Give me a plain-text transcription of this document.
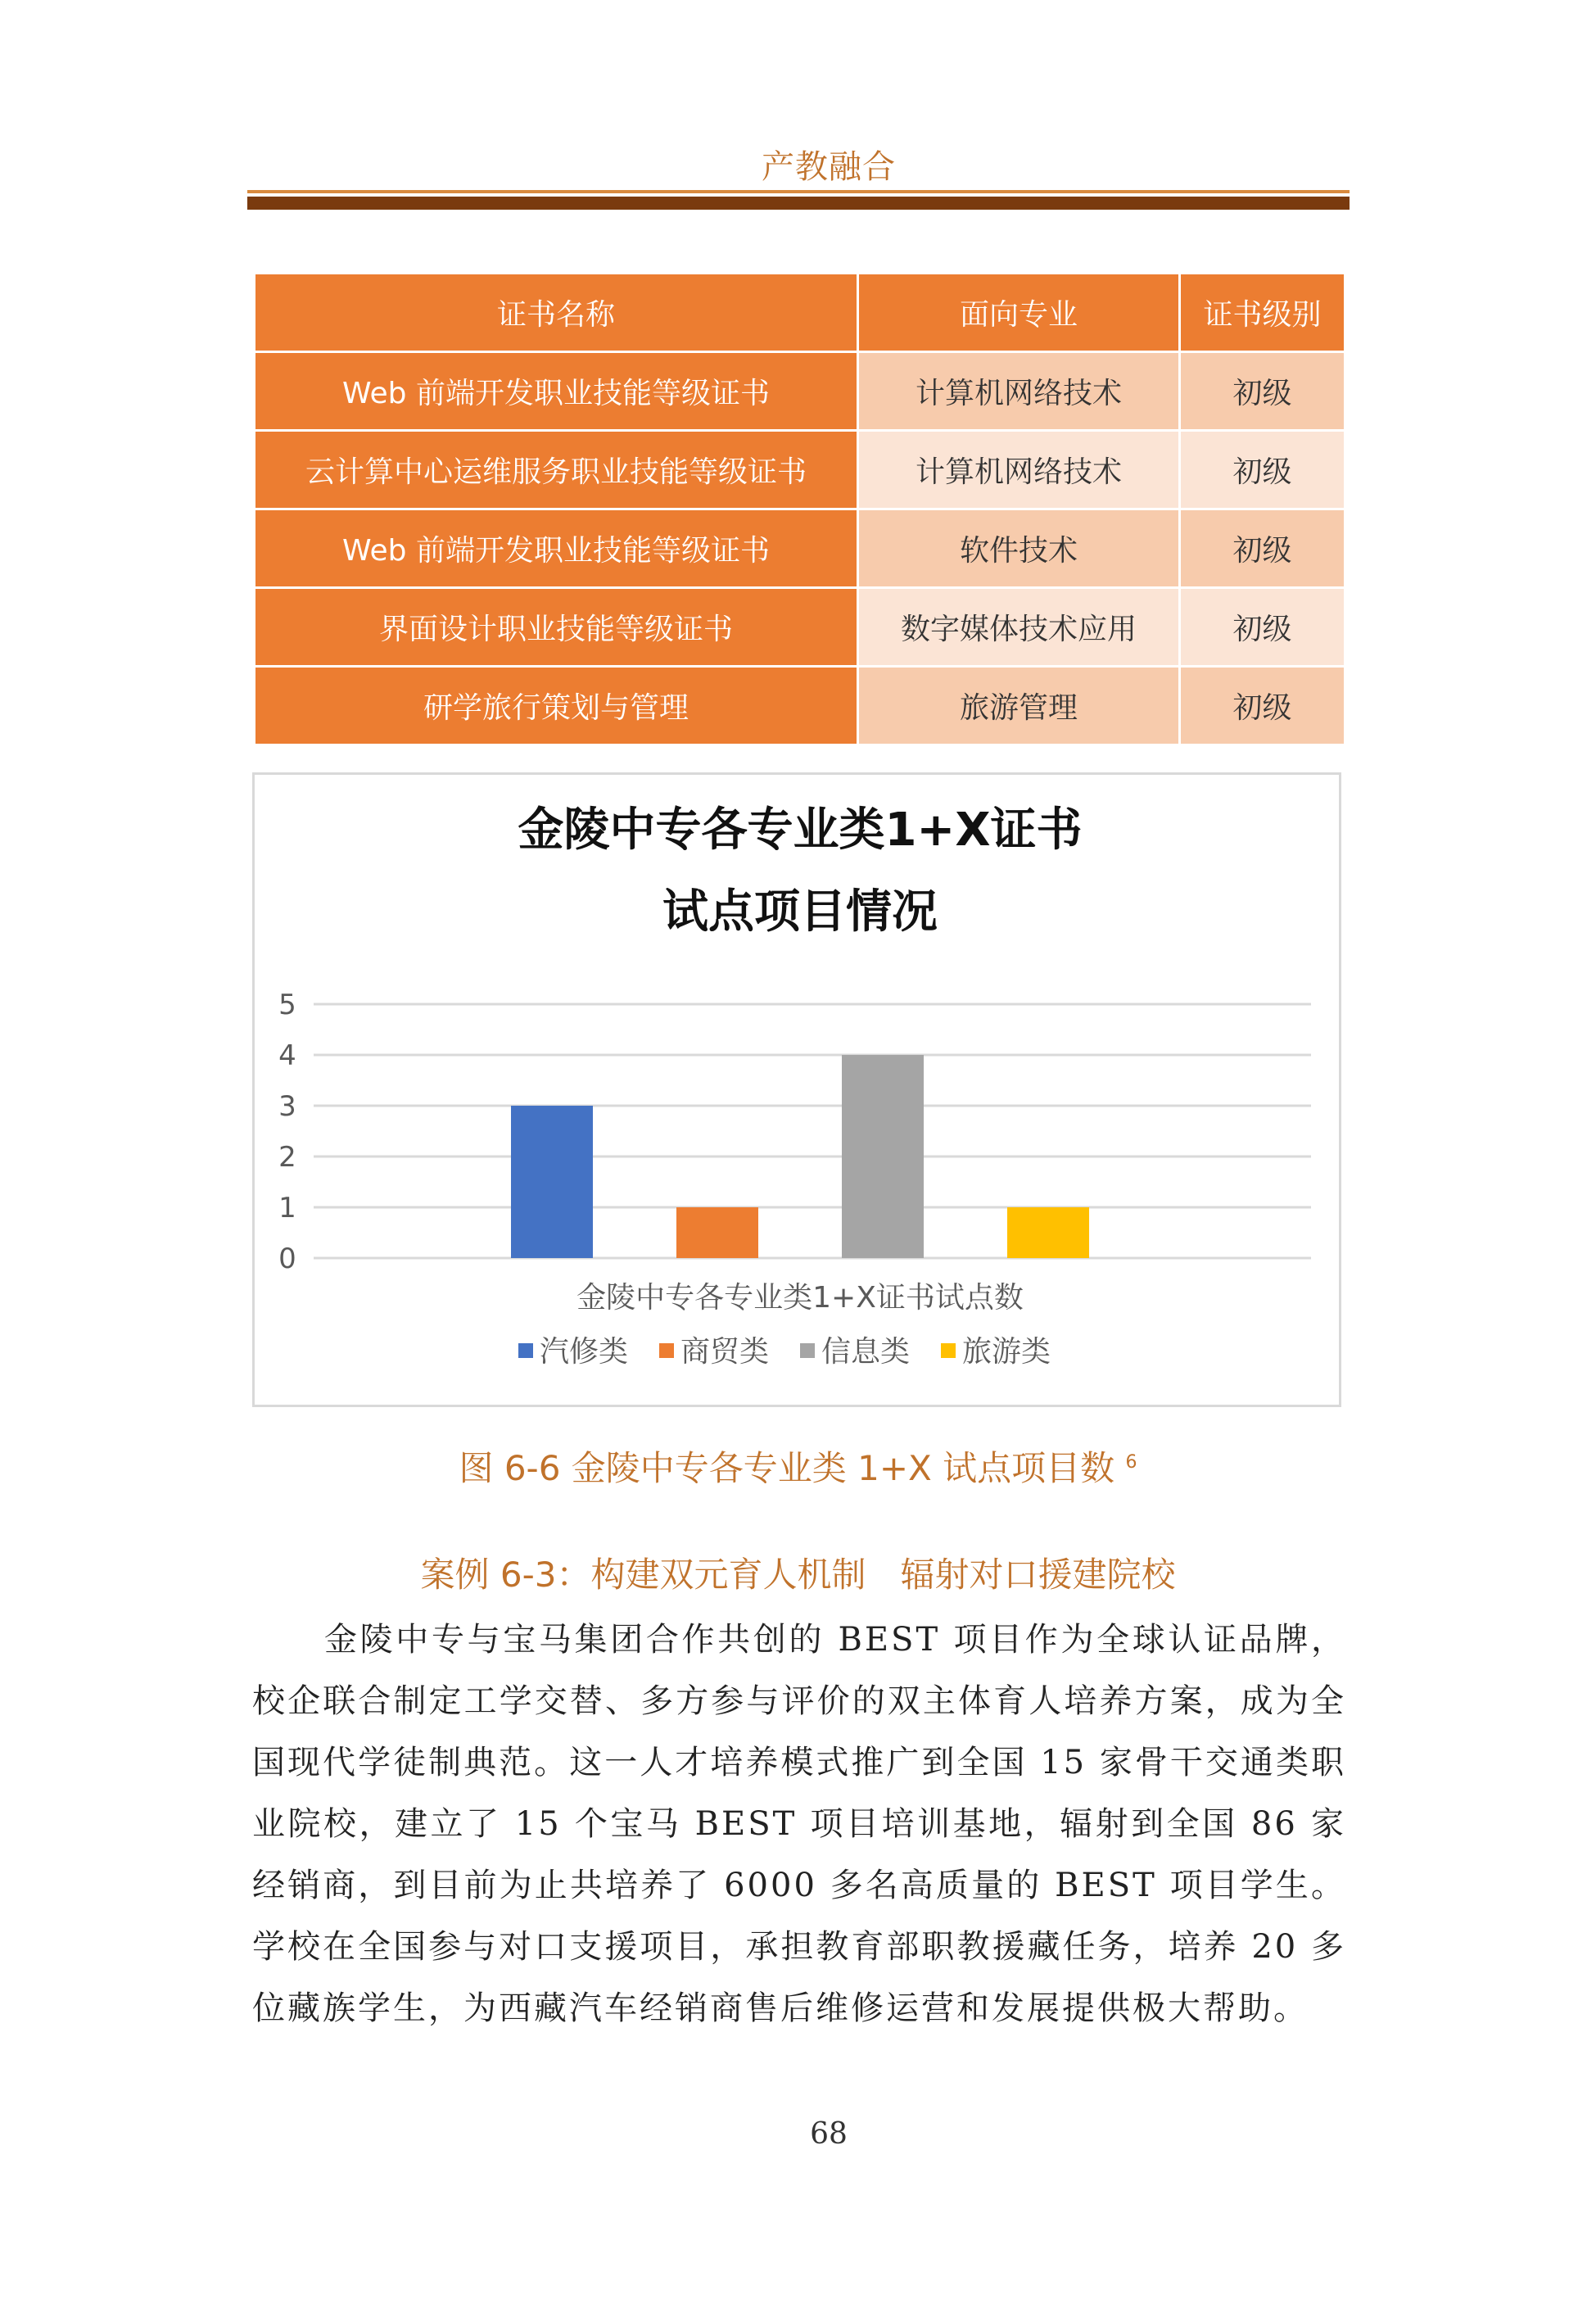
产教融合
证书名称	面向专业	证书级别
Web 前端开发职业技能等级证书	计算机网络技术	初级
云计算中心运维服务职业技能等级证书	计算机网络技术	初级
Web 前端开发职业技能等级证书	软件技术	初级
界面设计职业技能等级证书	数字媒体技术应用	初级
研学旅行策划与管理	旅游管理	初级
金陵中专各专业类1+X证书
试点项目情况
0
1
2
3
4
5
金陵中专各专业类1+X证书试点数
汽修类 商贸类 信息类 旅游类
图 6-6 金陵中专各专业类 1+X 试点项目数 $^6$
案例 6-3：构建双元育人机制　辐射对口援建院校

金陵中专与宝马集团合作共创的 BEST 项目作为全球认证品牌，校企联合制定工学交替、多方参与评价的双主体育人培养方案，成为全国现代学徒制典范。这一人才培养模式推广到全国 15 家骨干交通类职业院校，建立了 15 个宝马 BEST 项目培训基地，辐射到全国 86 家经销商，到目前为止共培养了 6000 多名高质量的 BEST 项目学生。学校在全国参与对口支援项目，承担教育部职教援藏任务，培养 20 多位藏族学生，为西藏汽车经销商售后维修运营和发展提供极大帮助。

68
